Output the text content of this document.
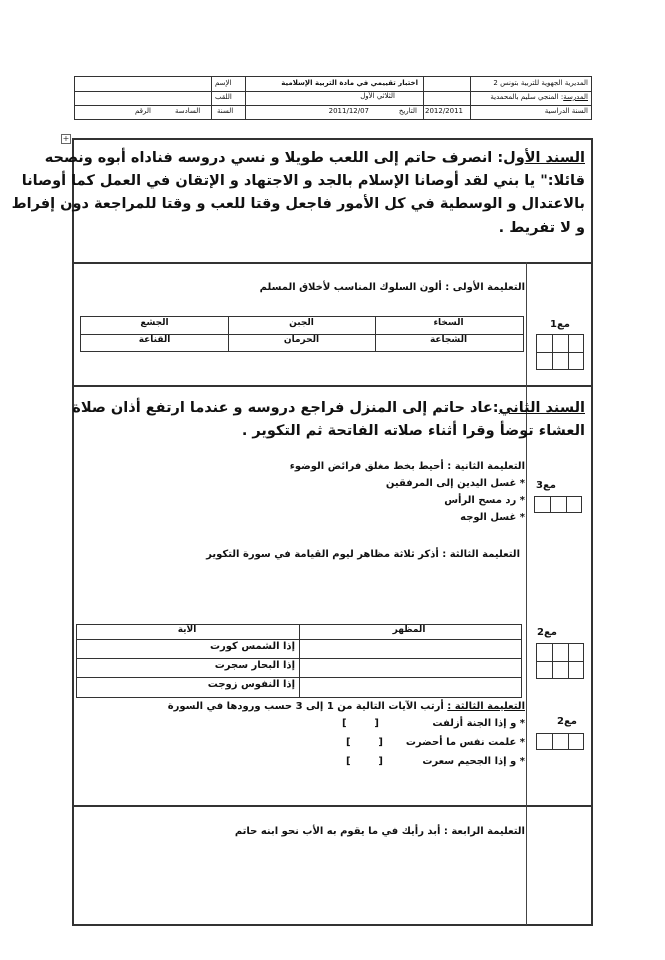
المديرية الجهوية للتربية بتونس 2
المدرسة: المنجي سليم بالمحمدية
السنة الدراسية
2012/2011
اختبار تقييمي في مادة التربية الإسلامية
الثلاثي الأول
التاريخ
2011/12/07
الإسم
اللقب
السنة
السادسة
الرقم
+
السند الأول: انصرف حاتم إلى اللعب طويلا و نسي دروسه فناداه أبوه ونصحه
قائلا:" يا بني لقد أوصانا الإسلام بالجد و الاجتهاد و الإتقان في العمل كما أوصانا
بالاعتدال و الوسطية في كل الأمور فاجعل وقتا للعب و وقتا للمراجعة دون إفراط
و لا تفريط .
التعليمة الأولى : ألون السلوك المناسب لأخلاق المسلم
السخاء
الجبن
الجشع
الشجاعة
الحرمان
القناعة
مع1
السند الثاني:عاد حاتم إلى المنزل فراجع دروسه و عندما ارتفع أذان صلاة
العشاء توضأ وقرا أثناء صلاته الفاتحة ثم التكوير .
التعليمة الثانية : أحيط بخط مغلق فرائض الوضوء
* غسل اليدين إلى المرفقين
* رد مسح الرأس
* غسل الوجه
مع3
التعليمة الثالثة : أذكر ثلاثة مظاهر ليوم القيامة في سورة التكوير
الآية	المظهر
إذا الشمس كورت
إذا البحار سجرت
إذا النفوس زوجت
مع2
التعليمة الثالثة : أرتب الآيات التالية من 1 إلى 3 حسب ورودها في السورة
* و إذا الجنة أزلفت
* علمت نفس ما أحضرت
* و إذا الجحيم سعرت
[        ]
[        ]
[        ]
مع2
التعليمة الرابعة : أبد رأيك في ما يقوم به الأب نحو ابنه حاتم
